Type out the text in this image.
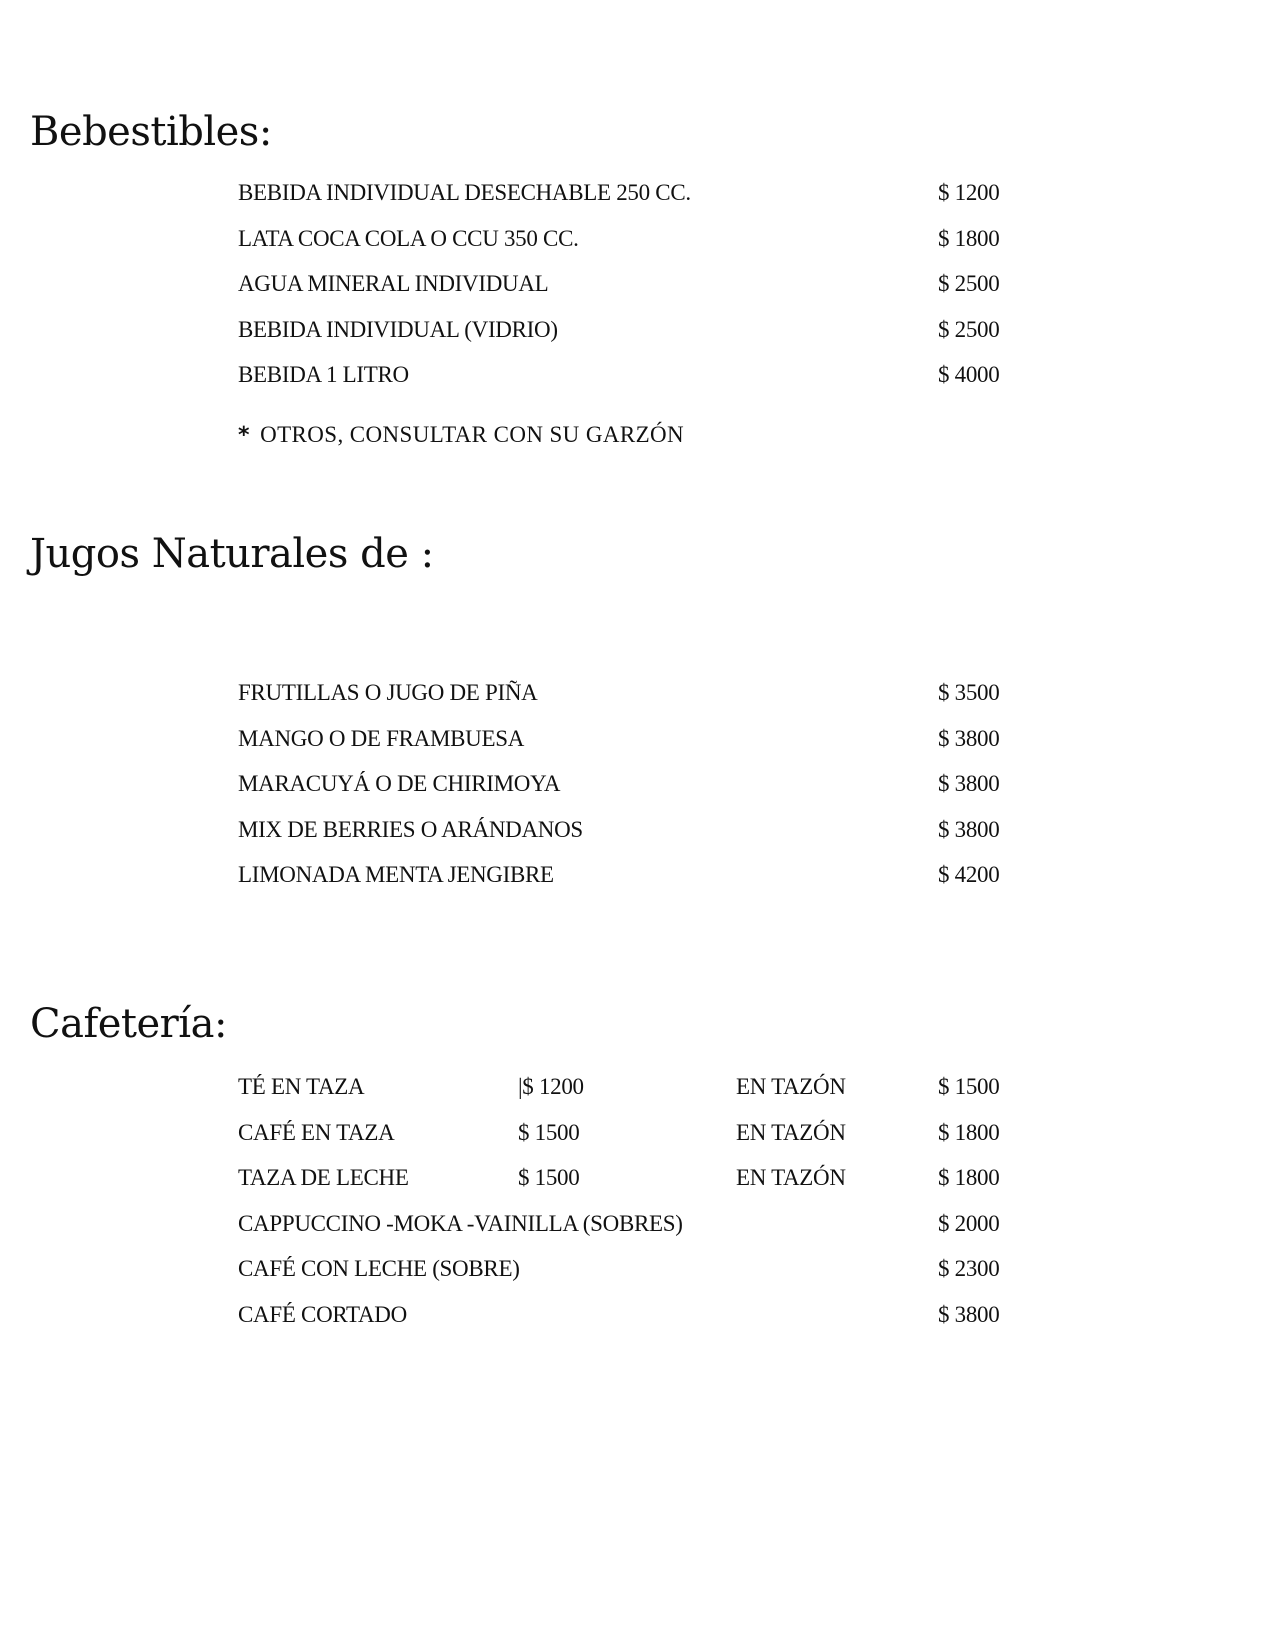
Bebestibles:
BEBIDA INDIVIDUAL DESECHABLE 250 CC.	$ 1200
LATA COCA COLA O CCU 350 CC.	$ 1800
AGUA MINERAL INDIVIDUAL	$ 2500
BEBIDA INDIVIDUAL (VIDRIO)	$ 2500
BEBIDA 1 LITRO	$ 4000
* OTROS, CONSULTAR CON SU GARZÓN
Jugos Naturales de :
FRUTILLAS O JUGO DE PIÑA	$ 3500
MANGO O DE FRAMBUESA	$ 3800
MARACUYÁ O DE CHIRIMOYA	$ 3800
MIX DE BERRIES O ARÁNDANOS	$ 3800
LIMONADA MENTA JENGIBRE	$ 4200
Cafetería:
TÉ EN TAZA	|$ 1200	EN TAZÓN	$ 1500
CAFÉ EN TAZA	$ 1500	EN TAZÓN	$ 1800
TAZA DE LECHE	$ 1500	EN TAZÓN	$ 1800
CAPPUCCINO -MOKA -VAINILLA (SOBRES)	$ 2000
CAFÉ CON LECHE (SOBRE)	$ 2300
CAFÉ CORTADO	$ 3800
